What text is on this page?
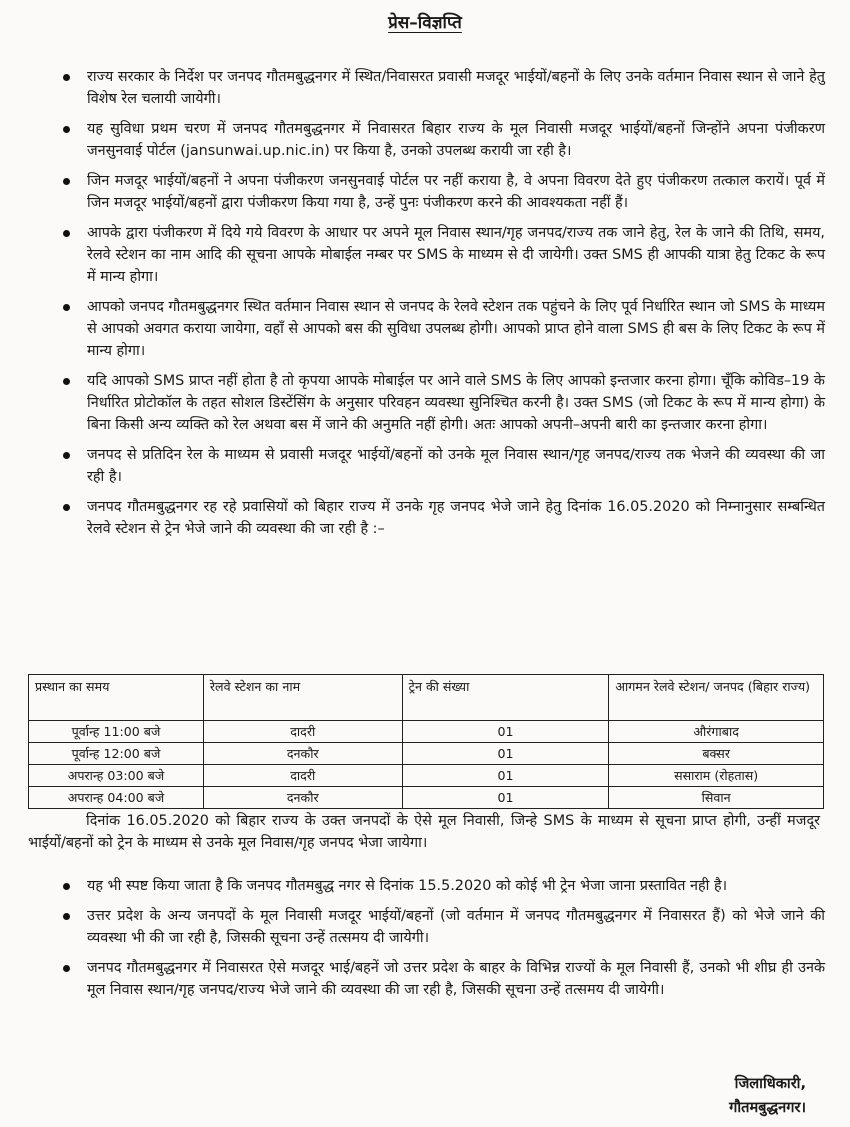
प्रेस–विज्ञप्ति
राज्य सरकार के निर्देश पर जनपद गौतमबुद्धनगर में स्थित/निवासरत प्रवासी मजदूर भाईयों/बहनों के लिए उनके वर्तमान निवास स्थान से जाने हेतु विशेष रेल चलायी जायेगी।
यह सुविधा प्रथम चरण में जनपद गौतमबुद्धनगर में निवासरत बिहार राज्य के मूल निवासी मजदूर भाईयों/बहनों जिन्होंने अपना पंजीकरण जनसुनवाई पोर्टल (jansunwai.up.nic.in) पर किया है, उनको उपलब्ध करायी जा रही है।
जिन मजदूर भाईयों/बहनों ने अपना पंजीकरण जनसुनवाई पोर्टल पर नहीं कराया है, वे अपना विवरण देते हुए पंजीकरण तत्काल करायें। पूर्व में जिन मजदूर भाईयों/बहनों द्वारा पंजीकरण किया गया है, उन्हें पुनः पंजीकरण करने की आवश्यकता नहीं हैं।
आपके द्वारा पंजीकरण में दिये गये विवरण के आधार पर अपने मूल निवास स्थान/गृह जनपद/राज्य तक जाने हेतु, रेल के जाने की तिथि, समय, रेलवे स्टेशन का नाम आदि की सूचना आपके मोबाईल नम्बर पर SMS के माध्यम से दी जायेगी। उक्त SMS ही आपकी यात्रा हेतु टिकट के रूप में मान्य होगा।
आपको जनपद गौतमबुद्धनगर स्थित वर्तमान निवास स्थान से जनपद के रेलवे स्टेशन तक पहुंचने के लिए पूर्व निर्धारित स्थान जो SMS के माध्यम से आपको अवगत कराया जायेगा, वहाँ से आपको बस की सुविधा उपलब्ध होगी। आपको प्राप्त होने वाला SMS ही बस के लिए टिकट के रूप में मान्य होगा।
यदि आपको SMS प्राप्त नहीं होता है तो कृपया आपके मोबाईल पर आने वाले SMS के लिए आपको इन्तजार करना होगा। चूँकि कोविड–19 के निर्धारित प्रोटोकॉल के तहत सोशल डिस्टेंसिंग के अनुसार परिवहन व्यवस्था सुनिश्चित करनी है। उक्त SMS (जो टिकट के रूप में मान्य होगा) के बिना किसी अन्य व्यक्ति को रेल अथवा बस में जाने की अनुमति नहीं होगी। अतः आपको अपनी–अपनी बारी का इन्तजार करना होगा।
जनपद से प्रतिदिन रेल के माध्यम से प्रवासी मजदूर भाईयों/बहनों को उनके मूल निवास स्थान/गृह जनपद/राज्य तक भेजने की व्यवस्था की जा रही है।
जनपद गौतमबुद्धनगर रह रहे प्रवासियों को बिहार राज्य में उनके गृह जनपद भेजे जाने हेतु दिनांक 16.05.2020 को निम्नानुसार सम्बन्धित रेलवे स्टेशन से ट्रेन भेजे जाने की व्यवस्था की जा रही है :–
प्रस्थान का समय	रेलवे स्टेशन का नाम	ट्रेन की संख्या	आगमन रेलवे स्टेशन/ जनपद (बिहार राज्य)
पूर्वान्ह 11:00 बजे	दादरी	01	औरंगाबाद
पूर्वान्ह 12:00 बजे	दनकौर	01	बक्सर
अपरान्ह 03:00 बजे	दादरी	01	ससाराम (रोहतास)
अपरान्ह 04:00 बजे	दनकौर	01	सिवान
दिनांक 16.05.2020 को बिहार राज्य के उक्त जनपदों के ऐसे मूल निवासी, जिन्हे SMS के माध्यम से सूचना प्राप्त होगी, उन्हीं मजदूर भाईयों/बहनों को ट्रेन के माध्यम से उनके मूल निवास/गृह जनपद भेजा जायेगा।
यह भी स्पष्ट किया जाता है कि जनपद गौतमबुद्ध नगर से दिनांक 15.5.2020 को कोई भी ट्रेन भेजा जाना प्रस्तावित नही है।
उत्तर प्रदेश के अन्य जनपदों के मूल निवासी मजदूर भाईयों/बहनों (जो वर्तमान में जनपद गौतमबुद्धनगर में निवासरत हैं) को भेजे जाने की व्यवस्था भी की जा रही है, जिसकी सूचना उन्हें तत्समय दी जायेगी।
जनपद गौतमबुद्धनगर में निवासरत ऐसे मजदूर भाई/बहनें जो उत्तर प्रदेश के बाहर के विभिन्न राज्यों के मूल निवासी हैं, उनको भी शीघ्र ही उनके मूल निवास स्थान/गृह जनपद/राज्य भेजे जाने की व्यवस्था की जा रही है, जिसकी सूचना उन्हें तत्समय दी जायेगी।
जिलाधिकारी,
गौतमबुद्धनगर।
